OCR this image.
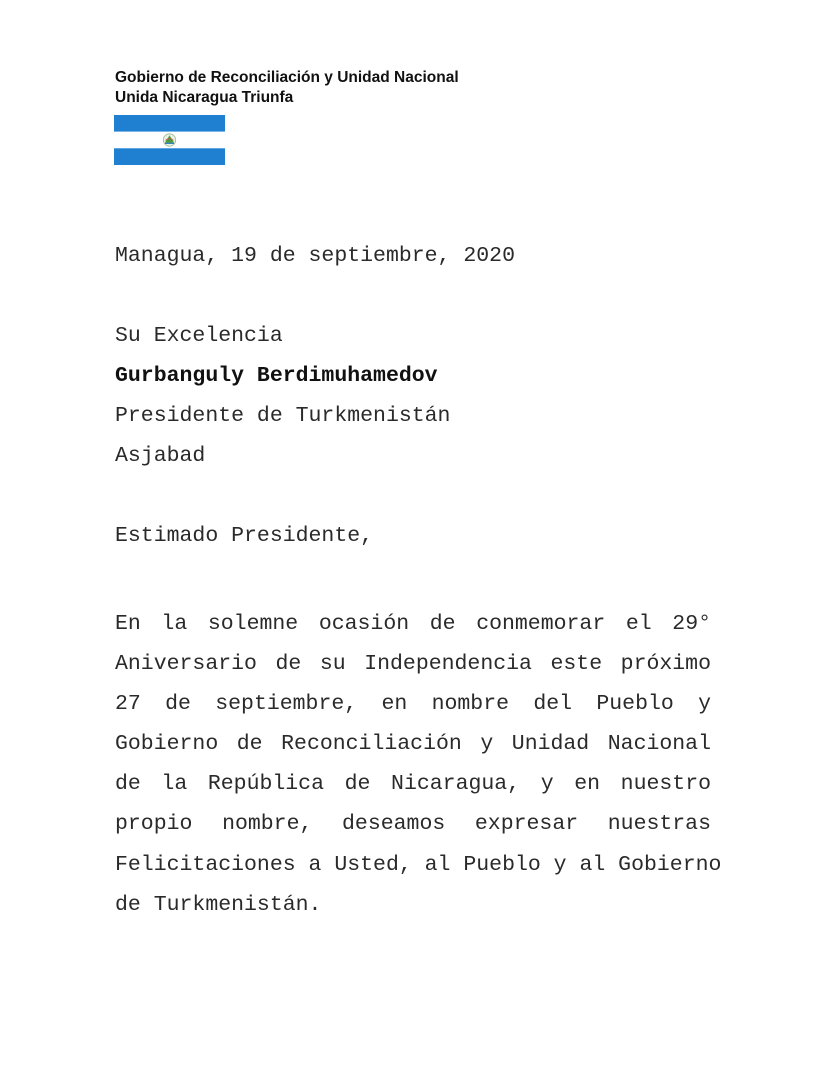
Gobierno de Reconciliación y Unidad Nacional
Unida Nicaragua Triunfa
Managua, 19 de septiembre, 2020
Su Excelencia
Gurbanguly Berdimuhamedov
Presidente de Turkmenistán
Asjabad
Estimado Presidente,
En la solemne ocasión de conmemorar el 29°
Aniversario de su Independencia este próximo
27 de septiembre, en nombre del Pueblo y
Gobierno de Reconciliación y Unidad Nacional
de la República de Nicaragua, y en nuestro
propio nombre, deseamos expresar nuestras
Felicitaciones a Usted, al Pueblo y al Gobierno
de Turkmenistán.
